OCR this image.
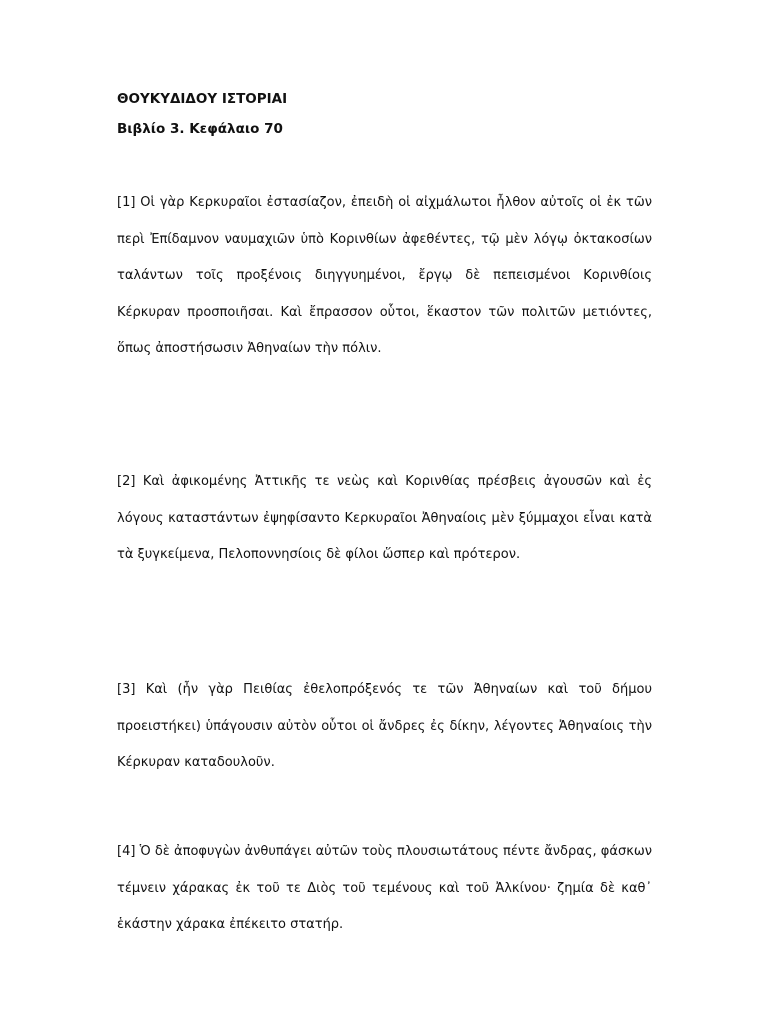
ΘΟΥΚΥΔΙΔΟΥ ΙΣΤΟΡΙΑΙ
Βιβλίο 3. Κεφάλαιο 70

[1] Οἱ γὰρ Κερκυραῖοι ἐστασίαζον, ἐπειδὴ οἱ αἰχμάλωτοι ἦλθον αὐτοῖς οἱ ἐκ τῶν περὶ Ἐπίδαμνον ναυμαχιῶν ὑπὸ Κορινθίων ἀφεθέντες, τῷ μὲν λόγῳ ὀκτακοσίων ταλάντων τοῖς προξένοις διηγγυημένοι, ἔργῳ δὲ πεπεισμένοι Κορινθίοις Κέρκυραν προσποιῆσαι. Καὶ ἔπρασσον οὗτοι, ἕκαστον τῶν πολιτῶν μετιόντες, ὅπως ἀποστήσωσιν Ἀθηναίων τὴν πόλιν.

[2] Καὶ ἀφικομένης Ἀττικῆς τε νεὼς καὶ Κορινθίας πρέσβεις ἀγουσῶν καὶ ἐς λόγους καταστάντων ἐψηφίσαντο Κερκυραῖοι Ἀθηναίοις μὲν ξύμμαχοι εἶναι κατὰ τὰ ξυγκείμενα, Πελοποννησίοις δὲ φίλοι ὥσπερ καὶ πρότερον.

[3] Καὶ (ἦν γὰρ Πειθίας ἐθελοπρόξενός τε τῶν Ἀθηναίων καὶ τοῦ δήμου προειστήκει) ὑπάγουσιν αὐτὸν οὗτοι οἱ ἄνδρες ἐς δίκην, λέγοντες Ἀθηναίοις τὴν Κέρκυραν καταδουλοῦν.

[4] Ὁ δὲ ἀποφυγὼν ἀνθυπάγει αὐτῶν τοὺς πλουσιωτάτους πέντε ἄνδρας, φάσκων τέμνειν χάρακας ἐκ τοῦ τε Διὸς τοῦ τεμένους καὶ τοῦ Ἀλκίνου· ζημία δὲ καθ᾽ ἑκάστην χάρακα ἐπέκειτο στατήρ.
